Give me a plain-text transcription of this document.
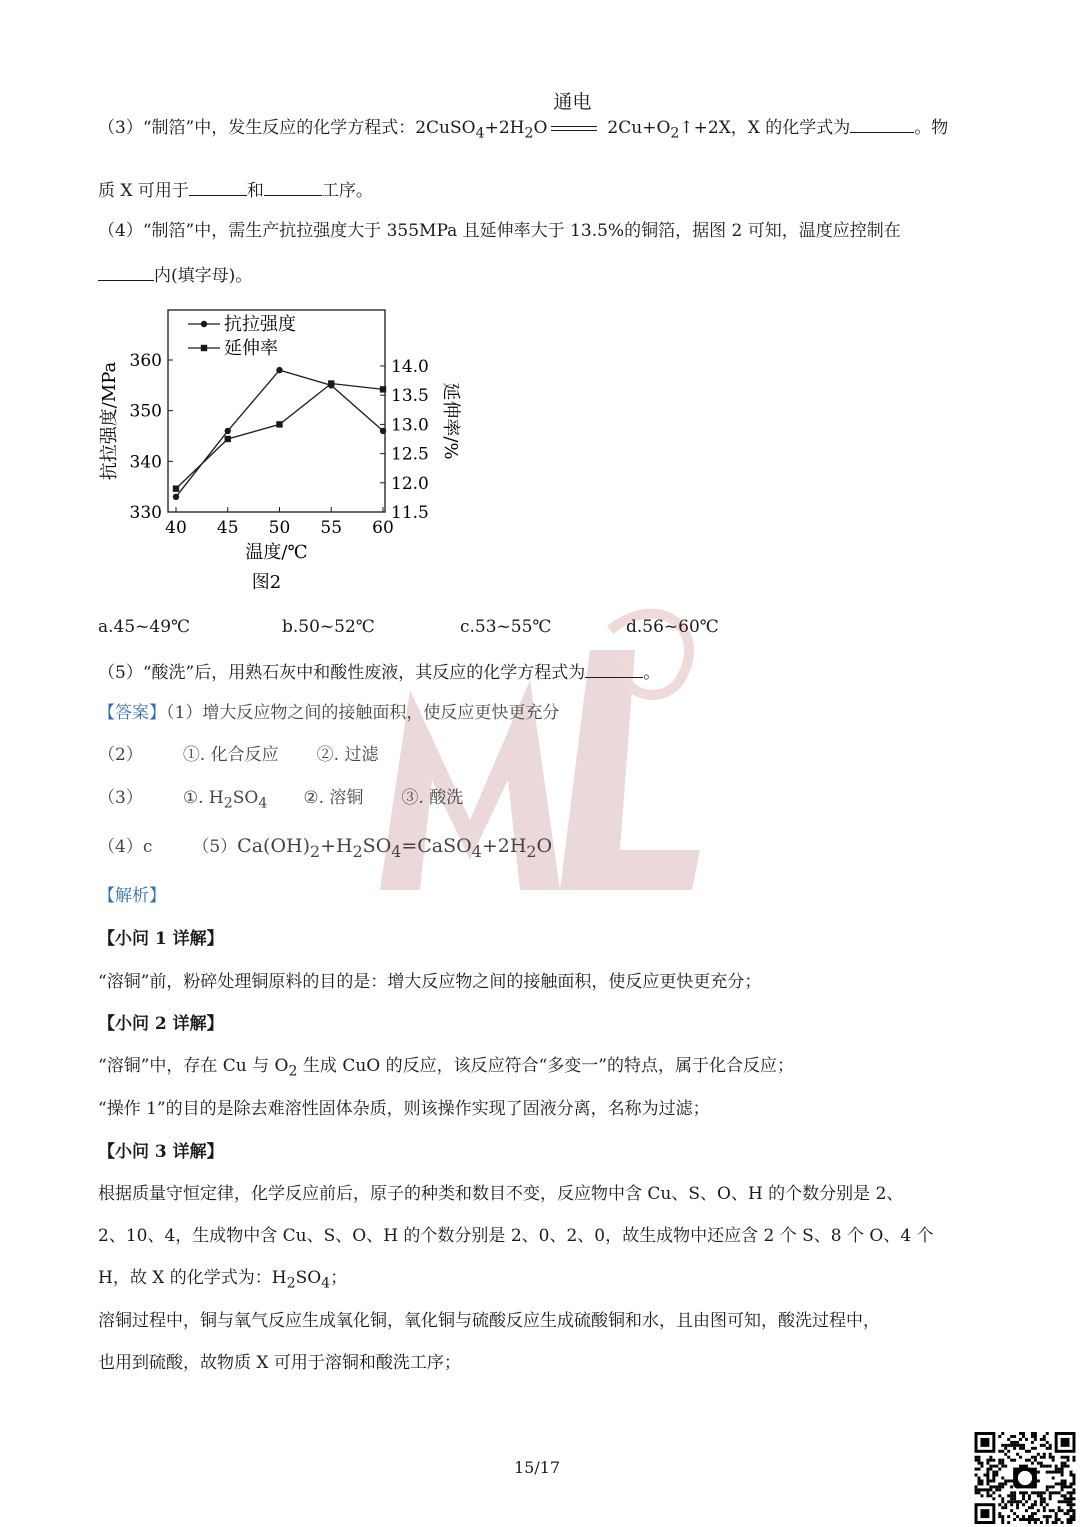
（3）“制箔”中，发生反应的化学方程式：$2CuSO_4+2H_2O$
通电
$2Cu+O_2↑+2X$，X 的化学式为	。物
质 X 可用于	和	工序。
（4）“制箔”中，需生产抗拉强度大于 355MPa 且延伸率大于 13.5%的铜箔，据图 2 可知，温度应控制在
内(填字母)。
40 45 50 55 60
330
340
350
360
11.5
12.0
12.5
13.0
13.5
14.0
温度/℃
抗拉强度/MPa	延伸率/%
图2
抗拉强度
延伸率
a.45~49℃	b.50~52℃	c.53~55℃	d.56~60℃
（5）“酸洗”后，用熟石灰中和酸性废液，其反应的化学方程式为	。
【答案】（1）增大反应物之间的接触面积，使反应更快更充分
（2） ①. 化合反应 ②. 过滤
（3） ①. $H_2SO_4$ ②. 溶铜 ③. 酸洗
（4）c $(5)Ca(OH)_2+H_2SO_4=CaSO_4+2H_2O$
【解析】
【小问 1 详解】
“溶铜”前，粉碎处理铜原料的目的是：增大反应物之间的接触面积，使反应更快更充分；
【小问 2 详解】
“溶铜”中，存在 Cu 与 $O_2$ 生成 CuO 的反应，该反应符合“多变一”的特点，属于化合反应；
“操作 1”的目的是除去难溶性固体杂质，则该操作实现了固液分离，名称为过滤；
【小问 3 详解】
根据质量守恒定律，化学反应前后，原子的种类和数目不变，反应物中含 Cu、S、O、H 的个数分别是 2、
2、10、4，生成物中含 Cu、S、O、H 的个数分别是 2、0、2、0，故生成物中还应含 2 个 S、8 个 O、4 个
H，故 X 的化学式为：$H_2SO_4$；
溶铜过程中，铜与氧气反应生成氧化铜，氧化铜与硫酸反应生成硫酸铜和水，且由图可知，酸洗过程中，
也用到硫酸，故物质 X 可用于溶铜和酸洗工序；
15/17
